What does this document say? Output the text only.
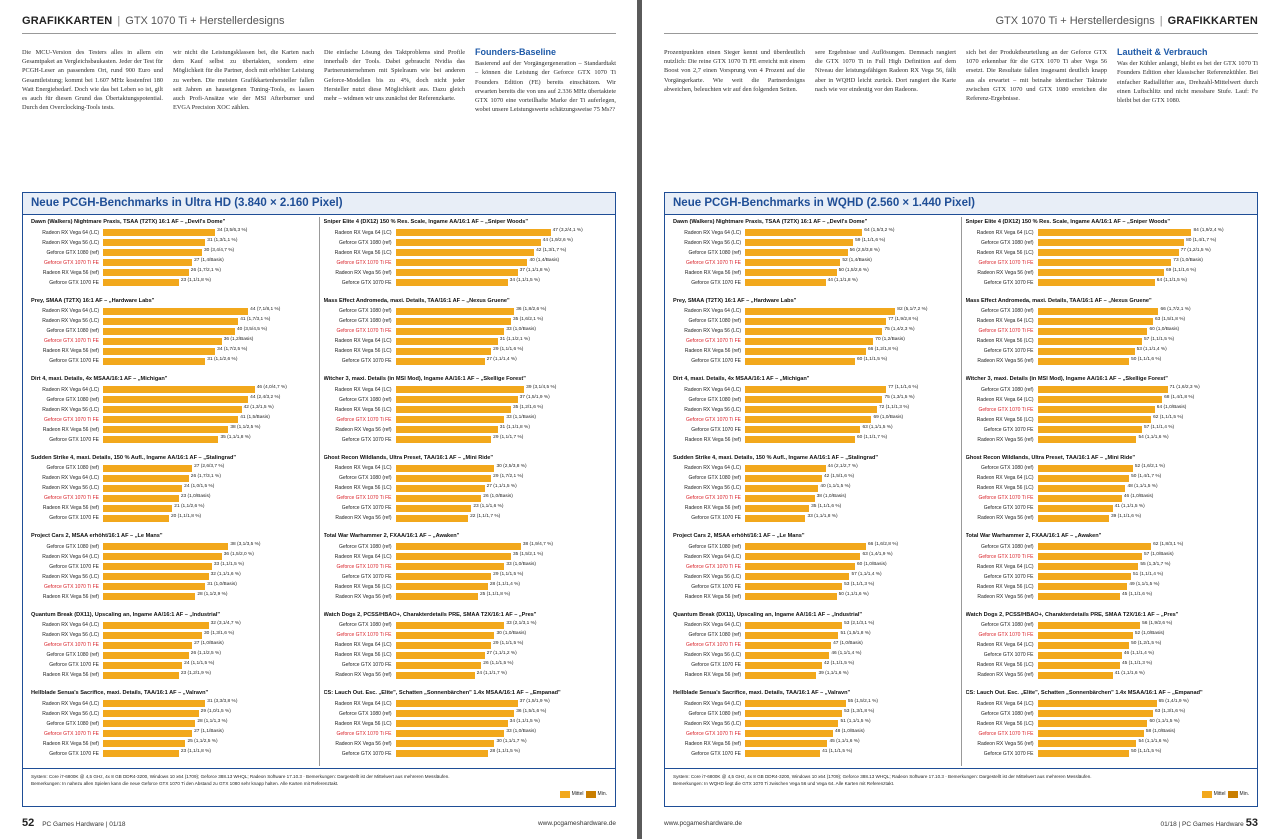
GRAFIKKARTEN | GTX 1070 Ti + Herstellerdesigns

Die MCU-Version des Testers alles in allem ein Gesamtpaket an Vergleichsbaukasten. Jeder der Test für PCGH-Leser an passendem Ort, rund 900 Euro und Gesamtleistung; kommt bei 1.607 MHz kostenfrei 180 Watt Energiebedarf. Doch wie das bei Leben so ist, gilt es auch für diesen Grund das Übertaktungspotential. Durch den Overclocking-Tools tests.

wir nicht die Leistungsklassen bei, die Karten nach dem Kauf selbst zu übertakten, sondern eine Möglichkeit für die Partner, doch mit erhöhter Leistung zu werben. Die meisten Grafikkartenhersteller fallen seit Jahren an hauseigenen Tuning-Tools, es lassen auch Profi-Ansätze wie der MSI Afterburner und EVGA Precision XOC zählen.

Die einfache Lösung des Taktproblems sind Profile innerhalb der Tools. Dabei gebraucht Nvidia das Partnerunternehmen mit Spielraum wie bei anderen Geforce-Modellen bis zu 4%, doch nicht jeder Hersteller nutzt diese Möglichkeit aus. Dazu gleich mehr – widmen wir uns zunächst der Referenzkarte.

Founders-Baseline

Basierend auf der Vorgängergeneration – Standardtakt – können die Leistung der Geforce GTX 1070 Ti Founders Edition (FE) bereits einschätzen. Wir erwarten bereits die von uns auf 2.336 MHz übertaktete GTX 1070 eine vorteilhafte Marke der Ti auferlegen, wobei unsere Leistungswerte schätzungsweise 75 Ms??

Neue PCGH-Benchmarks in Ultra HD (3.840 × 2.160 Pixel)
Dawn (Walkers) Nightmare Praxis, TSAA (T2TX) 16:1 AF – „Devil's Dome"
Radeon RX Vega 64 (LC)	34 (3,5/6,3 %)
Radeon RX Vega 56 (LC)	31 (1,3/1,1 %)
Geforce GTX 1080 (ref)	30 (3,4/4,7 %)
Geforce GTX 1070 Ti FE	27 (1,4/Basis)
Radeon RX Vega 56 (ref)	26 (1,7/2,1 %)
Geforce GTX 1070 FE	23 (1,1/1,8 %)
Prey, SMAA (T2TX) 16:1 AF – „Hardware Labs"
Radeon RX Vega 64 (LC)	44 (7,1/8,1 %)
Radeon RX Vega 56 (LC)	41 (1,7/3,1 %)
Geforce GTX 1080 (ref)	40 (3,5/4,5 %)
Geforce GTX 1070 Ti FE	36 (1,2/Basis)
Radeon RX Vega 56 (ref)	34 (1,7/2,5 %)
Geforce GTX 1070 FE	31 (1,1/2,6 %)
Dirt 4, maxi. Details, 4x MSAA/16:1 AF – „Michigan"
Radeon RX Vega 64 (LC)	46 (4,0/4,7 %)
Geforce GTX 1080 (ref)	44 (2,4/3,2 %)
Radeon RX Vega 56 (LC)	42 (1,3/1,5 %)
Geforce GTX 1070 Ti FE	41 (1,5/Basis)
Radeon RX Vega 56 (ref)	38 (1,1/2,5 %)
Geforce GTX 1070 FE	35 (1,1/1,8 %)
Sudden Strike 4, maxi. Details, 150 % Aufl., Ingame AA/16:1 AF – „Stalingrad"
Geforce GTX 1080 (ref)	27 (2,6/3,7 %)
Radeon RX Vega 64 (LC)	26 (1,7/3,1 %)
Radeon RX Vega 56 (LC)	24 (1,0/1,5 %)
Geforce GTX 1070 Ti FE	23 (1,0/Basis)
Radeon RX Vega 56 (ref)	21 (1,1/2,6 %)
Geforce GTX 1070 FE	20 (1,1/1,8 %)
Project Cars 2, MSAA erhöht/16:1 AF – „Le Mans"
Geforce GTX 1080 (ref)	38 (3,1/3,5 %)
Radeon RX Vega 64 (LC)	36 (1,5/2,0 %)
Geforce GTX 1070 FE	33 (1,1/1,5 %)
Radeon RX Vega 56 (LC)	32 (1,1/1,6 %)
Geforce GTX 1070 Ti FE	31 (1,0/Basis)
Radeon RX Vega 56 (ref)	28 (1,1/2,9 %)
Quantum Break (DX11), Upscaling an, Ingame AA/16:1 AF – „Industrial"
Radeon RX Vega 64 (LC)	32 (3,1/4,7 %)
Radeon RX Vega 56 (LC)	30 (1,3/1,6 %)
Geforce GTX 1070 Ti FE	27 (1,0/Basis)
Geforce GTX 1080 (ref)	26 (1,1/2,5 %)
Geforce GTX 1070 FE	24 (1,1/1,5 %)
Radeon RX Vega 56 (ref)	23 (1,2/1,9 %)
Hellblade Senua's Sacrifice, maxi. Details, TAA/16:1 AF – „Valravn"
Radeon RX Vega 64 (LC)	31 (3,3/3,8 %)
Radeon RX Vega 56 (LC)	29 (1,0/1,5 %)
Geforce GTX 1080 (ref)	28 (1,1/1,3 %)
Geforce GTX 1070 Ti FE	27 (1,1/Basis)
Radeon RX Vega 56 (ref)	25 (1,1/2,5 %)
Geforce GTX 1070 FE	23 (1,1/1,8 %)
Sniper Elite 4 (DX12) 150 % Res. Scale, Ingame AA/16:1 AF – „Sniper Woods"
Radeon RX Vega 64 (LC)	47 (3,2/4,1 %)
Geforce GTX 1080 (ref)	44 (1,9/2,6 %)
Radeon RX Vega 56 (LC)	42 (1,3/1,7 %)
Geforce GTX 1070 Ti FE	40 (1,4/Basis)
Radeon RX Vega 56 (ref)	37 (1,1/1,8 %)
Geforce GTX 1070 FE	34 (1,1/1,5 %)
Mass Effect Andromeda, maxi. Details, TAA/16:1 AF – „Nexus Gruene"
Geforce GTX 1080 (ref)	36 (1,8/2,6 %)
Geforce GTX 1080 (ref)	35 (1,6/2,1 %)
Geforce GTX 1070 Ti FE	33 (1,0/Basis)
Radeon RX Vega 64 (LC)	31 (1,1/2,1 %)
Radeon RX Vega 56 (LC)	29 (1,1/1,6 %)
Geforce GTX 1070 FE	27 (1,1/1,4 %)
Witcher 3, maxi. Details (in MSI Mod), Ingame AA/16:1 AF – „Skellige Forest"
Radeon RX Vega 64 (LC)	39 (3,1/4,5 %)
Geforce GTX 1080 (ref)	37 (1,5/1,9 %)
Radeon RX Vega 56 (LC)	35 (1,2/1,6 %)
Geforce GTX 1070 Ti FE	33 (1,1/Basis)
Radeon RX Vega 56 (ref)	31 (1,1/1,8 %)
Geforce GTX 1070 FE	29 (1,1/1,7 %)
Ghost Recon Wildlands, Ultra Preset, TAA/16:1 AF – „Mini Ride"
Radeon RX Vega 64 (LC)	30 (2,5/3,8 %)
Geforce GTX 1080 (ref)	29 (1,7/2,1 %)
Radeon RX Vega 56 (LC)	27 (1,1/1,5 %)
Geforce GTX 1070 Ti FE	26 (1,0/Basis)
Geforce GTX 1070 FE	23 (1,1/1,6 %)
Radeon RX Vega 56 (ref)	22 (1,1/1,7 %)
Total War Warhammer 2, FXAA/16:1 AF – „Awaken"
Geforce GTX 1080 (ref)	38 (1,9/4,7 %)
Radeon RX Vega 64 (LC)	35 (1,5/2,1 %)
Geforce GTX 1070 Ti FE	33 (1,0/Basis)
Geforce GTX 1070 FE	29 (1,1/1,5 %)
Radeon RX Vega 56 (LC)	28 (1,1/1,4 %)
Radeon RX Vega 56 (ref)	25 (1,1/1,8 %)
Watch Dogs 2, PCSS/HBAO+, Charakterdetails PRE, SMAA T2X/16:1 AF – „Pres"
Geforce GTX 1080 (ref)	33 (2,1/3,1 %)
Geforce GTX 1070 Ti FE	30 (1,0/Basis)
Radeon RX Vega 64 (LC)	29 (1,1/1,5 %)
Radeon RX Vega 56 (LC)	27 (1,1/1,2 %)
Geforce GTX 1070 FE	26 (1,1/1,5 %)
Radeon RX Vega 56 (ref)	24 (1,1/1,7 %)
CS: Lauch Out. Esc. „Elite", Schatten „Sonnenbärchen" 1.4x MSAA/16:1 AF – „Empanad"
Radeon RX Vega 64 (LC)	37 (1,5/1,9 %)
Geforce GTX 1080 (ref)	36 (1,5/1,6 %)
Radeon RX Vega 56 (LC)	34 (1,1/1,5 %)
Geforce GTX 1070 Ti FE	33 (1,0/Basis)
Radeon RX Vega 56 (ref)	30 (1,1/1,7 %)
Geforce GTX 1070 FE	28 (1,1/1,5 %)
System: Core i7-6800K @ 4,5 GHz, 4x 8 GB DDR4-3200, Windows 10 x64 (1709); Geforce 388.13 WHQL; Radeon Software 17.10.3 · Bemerkungen: Dargestellt ist der Mittelwert aus mehreren Messläufen.
Bemerkungen: In nahezu allen Spielen kann die neue Geforce GTX 1070 Ti den Abstand zu GTX 1080 sehr knapp halten. Alle Karten mit Referenztakt.
Mittel	Min.
52 PC Games Hardware | 01/18	www.pcgameshardware.de
GTX 1070 Ti + Herstellerdesigns | GRAFIKKARTEN

Prozentpunkten einen Sieger kennt und überdeutlich nutzlich: Die reine GTX 1070 Ti FE erreicht mit einem Boost von 2,7 einen Vorsprung von 4 Prozent auf die Vorgängerkarte. Wie weit die Partnerdesigns abweichen, beleuchten wir auf den folgenden Seiten.

sere Ergebnisse und Auflösungen. Demnach rangiert die GTX 1070 Ti in Full High Definition auf dem Niveau der leistungsfähigen Radeon RX Vega 56, fällt aber in WQHD leicht zurück. Dort rangiert die Karte nach wie vor eindeutig vor den Radeons.

sich bei der Produktbeurteilung an der Geforce GTX 1070 erkennbar für die GTX 1070 Ti aber Vega 56 ersetzt. Die Resultate fallen insgesamt deutlich knapp aus als erwartet – mit beinahe identischer Taktrate zwischen GTX 1070 und GTX 1080 erreichen die Referenz-Ergebnisse.

Lautheit & Verbrauch

Was der Kühler anlangt, bleibt es bei der GTX 1070 Ti Founders Edition eher klassischer Referenzkühler. Bei einfacher Radiallüfter aus, Drehzahl-Mittelwert durch einen Luftschlitz und nicht messbare Stufe. Lauf: Fe bleibt bei der GTX 1080.

Neue PCGH-Benchmarks in WQHD (2.560 × 1.440 Pixel)
Dawn (Walkers) Nightmare Praxis, TSAA (T2TX) 16:1 AF – „Devil's Dome"
Radeon RX Vega 64 (LC)	64 (1,5/3,2 %)
Radeon RX Vega 56 (LC)	59 (1,1/1,6 %)
Geforce GTX 1080 (ref)	56 (2,5/3,8 %)
Geforce GTX 1070 Ti FE	52 (1,4/Basis)
Radeon RX Vega 56 (ref)	50 (1,5/2,6 %)
Geforce GTX 1070 FE	44 (1,1/1,8 %)
Prey, SMAA (T2TX) 16:1 AF – „Hardware Labs"
Radeon RX Vega 64 (LC)	82 (5,1/7,2 %)
Geforce GTX 1080 (ref)	77 (1,9/2,8 %)
Radeon RX Vega 56 (LC)	75 (1,4/2,3 %)
Geforce GTX 1070 Ti FE	70 (1,2/Basis)
Radeon RX Vega 56 (ref)	66 (1,2/1,8 %)
Geforce GTX 1070 FE	60 (1,1/1,5 %)
Dirt 4, maxi. Details, 4x MSAA/16:1 AF – „Michigan"
Radeon RX Vega 64 (LC)	77 (1,1/1,6 %)
Geforce GTX 1080 (ref)	75 (1,3/1,5 %)
Radeon RX Vega 56 (LC)	72 (1,1/1,3 %)
Geforce GTX 1070 Ti FE	69 (1,0/Basis)
Geforce GTX 1070 FE	63 (1,1/1,5 %)
Radeon RX Vega 56 (ref)	60 (1,1/1,7 %)
Sudden Strike 4, maxi. Details, 150 % Aufl., Ingame AA/16:1 AF – „Stalingrad"
Radeon RX Vega 64 (LC)	44 (2,1/2,7 %)
Geforce GTX 1080 (ref)	42 (1,5/1,6 %)
Radeon RX Vega 56 (LC)	40 (1,1/1,5 %)
Geforce GTX 1070 Ti FE	38 (1,0/Basis)
Radeon RX Vega 56 (ref)	35 (1,1/1,6 %)
Geforce GTX 1070 FE	33 (1,1/1,8 %)
Project Cars 2, MSAA erhöht/16:1 AF – „Le Mans"
Geforce GTX 1080 (ref)	66 (1,6/2,8 %)
Radeon RX Vega 64 (LC)	63 (1,4/1,9 %)
Geforce GTX 1070 Ti FE	60 (1,0/Basis)
Radeon RX Vega 56 (LC)	57 (1,1/1,4 %)
Geforce GTX 1070 FE	53 (1,1/1,3 %)
Radeon RX Vega 56 (ref)	50 (1,1/1,6 %)
Quantum Break (DX11), Upscaling an, Ingame AA/16:1 AF – „Industrial"
Radeon RX Vega 64 (LC)	53 (2,1/3,1 %)
Geforce GTX 1080 (ref)	51 (1,5/1,8 %)
Geforce GTX 1070 Ti FE	47 (1,0/Basis)
Radeon RX Vega 56 (LC)	46 (1,1/1,4 %)
Geforce GTX 1070 FE	42 (1,1/1,5 %)
Radeon RX Vega 56 (ref)	39 (1,1/1,6 %)
Hellblade Senua's Sacrifice, maxi. Details, TAA/16:1 AF – „Valravn"
Radeon RX Vega 64 (LC)	55 (1,5/2,1 %)
Geforce GTX 1080 (ref)	53 (1,3/1,8 %)
Radeon RX Vega 56 (LC)	51 (1,1/1,5 %)
Geforce GTX 1070 Ti FE	48 (1,0/Basis)
Radeon RX Vega 56 (ref)	45 (1,1/1,6 %)
Geforce GTX 1070 FE	41 (1,1/1,5 %)
Sniper Elite 4 (DX12) 150 % Res. Scale, Ingame AA/16:1 AF – „Sniper Woods"
Radeon RX Vega 64 (LC)	84 (1,9/2,4 %)
Geforce GTX 1080 (ref)	80 (1,4/1,7 %)
Radeon RX Vega 56 (LC)	77 (1,2/1,5 %)
Geforce GTX 1070 Ti FE	73 (1,0/Basis)
Radeon RX Vega 56 (ref)	69 (1,1/1,6 %)
Geforce GTX 1070 FE	64 (1,1/1,5 %)
Mass Effect Andromeda, maxi. Details, TAA/16:1 AF – „Nexus Gruene"
Geforce GTX 1080 (ref)	66 (1,7/2,1 %)
Radeon RX Vega 64 (LC)	63 (1,5/1,8 %)
Geforce GTX 1070 Ti FE	60 (1,0/Basis)
Radeon RX Vega 56 (LC)	57 (1,1/1,5 %)
Geforce GTX 1070 FE	53 (1,1/1,4 %)
Radeon RX Vega 56 (ref)	50 (1,1/1,6 %)
Witcher 3, maxi. Details (in MSI Mod), Ingame AA/16:1 AF – „Skellige Forest"
Geforce GTX 1080 (ref)	71 (1,6/2,3 %)
Radeon RX Vega 64 (LC)	68 (1,4/1,8 %)
Geforce GTX 1070 Ti FE	64 (1,0/Basis)
Radeon RX Vega 56 (LC)	62 (1,1/1,5 %)
Geforce GTX 1070 FE	57 (1,1/1,4 %)
Radeon RX Vega 56 (ref)	54 (1,1/1,6 %)
Ghost Recon Wildlands, Ultra Preset, TAA/16:1 AF – „Mini Ride"
Geforce GTX 1080 (ref)	52 (1,6/2,1 %)
Radeon RX Vega 64 (LC)	50 (1,4/1,7 %)
Radeon RX Vega 56 (LC)	48 (1,1/1,5 %)
Geforce GTX 1070 Ti FE	46 (1,0/Basis)
Geforce GTX 1070 FE	41 (1,1/1,5 %)
Radeon RX Vega 56 (ref)	39 (1,1/1,6 %)
Total War Warhammer 2, FXAA/16:1 AF – „Awaken"
Geforce GTX 1080 (ref)	62 (1,8/3,1 %)
Geforce GTX 1070 Ti FE	57 (1,0/Basis)
Radeon RX Vega 64 (LC)	55 (1,3/1,7 %)
Geforce GTX 1070 FE	51 (1,1/1,4 %)
Radeon RX Vega 56 (LC)	49 (1,1/1,5 %)
Radeon RX Vega 56 (ref)	45 (1,1/1,6 %)
Watch Dogs 2, PCSS/HBAO+, Charakterdetails PRE, SMAA T2X/16:1 AF – „Pres"
Geforce GTX 1080 (ref)	56 (1,9/2,6 %)
Geforce GTX 1070 Ti FE	52 (1,0/Basis)
Radeon RX Vega 64 (LC)	50 (1,2/1,5 %)
Geforce GTX 1070 FE	46 (1,1/1,4 %)
Radeon RX Vega 56 (LC)	45 (1,1/1,3 %)
Radeon RX Vega 56 (ref)	41 (1,1/1,6 %)
CS: Lauch Out. Esc. „Elite", Schatten „Sonnenbärchen" 1.4x MSAA/16:1 AF – „Empanad"
Radeon RX Vega 64 (LC)	65 (1,4/1,9 %)
Geforce GTX 1080 (ref)	63 (1,3/1,6 %)
Radeon RX Vega 56 (LC)	60 (1,1/1,5 %)
Geforce GTX 1070 Ti FE	58 (1,0/Basis)
Radeon RX Vega 56 (ref)	54 (1,1/1,6 %)
Geforce GTX 1070 FE	50 (1,1/1,5 %)
System: Core i7-6800K @ 4,5 GHz, 4x 8 GB DDR4-3200, Windows 10 x64 (1709); Geforce 388.13 WHQL; Radeon Software 17.10.3 · Bemerkungen: Dargestellt ist der Mittelwert aus mehreren Messläufen.
Bemerkungen: In WQHD liegt die GTX 1070 Ti zwischen Vega 56 und Vega 64. Alle Karten mit Referenztakt.
Mittel	Min.
www.pcgameshardware.de	01/18 | PC Games Hardware 53
